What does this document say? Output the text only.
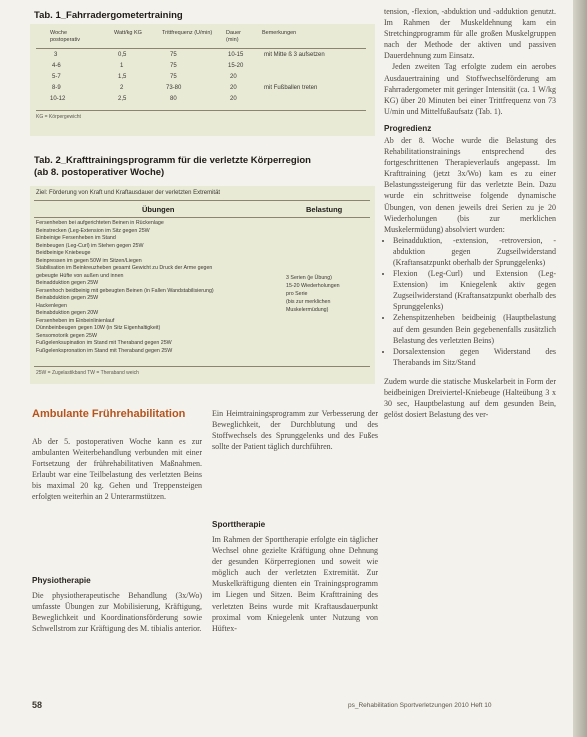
Tab. 1_Fahrradergometertraining
Woche postoperativ
Watt/kg KG	Trittfrequenz (U/min)	Dauer (min)
Bemerkungen
3	0,5	75	10-15	mit Mitte ß 3 aufsetzen
4-6	1	75	15-20
5-7	1,5	75	20
8-9	2	73-80	20	mit Fußballen treten
10-12	2,5	80	20
KG = Körpergewicht
Tab. 2_Krafttrainingsprogramm für die verletzte Körperregion
(ab 8. postoperativer Woche)
Ziel: Förderung von Kraft und Kraftausdauer der verletzten Extremität
Übungen	Belastung
Fersenheben bei aufgerichteten Beinen in Rückenlage
Beinstrecken (Leg-Extension im Sitz gegen 25W
Einbeinige Fersenheben im Stand
Beinbeugen (Leg-Curl) im Stehen gegen 25W
Beidbeinige Kniebeuge
Beinpressen im gegen 50W im Sitzen/Liegen
Stabilisation im Beinkreuzheben gesamt Gewicht zu Druck der Arme gegen
gebeugte Hüfte von außen und innen
Beinadduktion gegen 25W
Fersenhoch beidbeinig mit gebeugten Beinen (in Fallen Wandstabilisierung)
Beinabduktion gegen 25W
Hackenlegen
Beinabduktion gegen 20W
Fersenheben im Einbeinlinienlauf
Dünnbeinbeugen gegen 10W (in Sitz Eigenhaltigkeit)
Sensomotorik gegen 25W
Fußgelenksupination im Stand mit Theraband gegen 25W
Fußgelenkspronation im Stand mit Theraband gegen 25W
3 Serien (je Übung)
15-20 Wiederholungen
pro Serie
(bis zur merklichen
Muskelermüdung)
25W = Zugelastikband TW = Theraband weich

tension, -flexion, -abduktion und -adduktion genutzt. Im Rahmen der Muskeldehnung kam ein Stretchingprogramm für alle großen Muskelgruppen nach der Methode der aktiven und passiven Dauerdehnung zum Einsatz.

Jeden zweiten Tag erfolgte zudem ein aerobes Ausdauertraining und Stoffwechselförderung am Fahrradergometer mit geringer Intensität (ca. 1 W/kg KG) über 20 Minuten bei einer Trittfrequenz von 73 U/min und Mittelfußaufsatz (Tab. 1).

Progredienz

Ab der 8. Woche wurde die Belastung des Rehabilitationstrainings entsprechend des fortgeschrittenen Therapieverlaufs angepasst. Im Krafttraining (jetzt 3x/Wo) kam es zu einer Belastungssteigerung für das verletzte Bein. Dazu wurde ein schrittweise folgende dynamische Übungen, von denen jeweils drei Serien zu je 20 Wiederholungen (bis zur merklichen Muskelermüdung) absolviert wurden:

• Beinadduktion, -extension, -retroversion, -abduktion gegen Zugseilwiderstand (Kraftansatzpunkt oberhalb der Sprunggelenks)
• Flexion (Leg-Curl) und Extension (Leg-Extension) im Kniegelenk aktiv gegen Zugseilwiderstand (Kraftansatzpunkt oberhalb des Sprunggelenks)
• Zehenspitzenheben beidbeinig (Hauptbelastung auf dem gesunden Bein gegebenenfalls zusätzlich Belastung des verletzten Beins)
• Dorsalextension gegen Widerstand des Therabands im Sitz/Stand

Zudem wurde die statische Muskelarbeit in Form der beidbeinigen Dreiviertel-Kniebeuge (Halteübung 3 x 30 sec, Hauptbelastung auf dem gesunden Bein, gelöst dosiert Belastung des ver-

Ambulante Frührehabilitation
Ab der 5. postoperativen Woche kann es zur ambulanten Weiterbehandlung verbunden mit einer Fortsetzung der frührehabilitativen Maßnahmen. Erlaubt war eine Teilbelastung des verletzten Beins bis maximal 20 kg. Gehen und Treppensteigen erfolgten weiterhin an 2 Unterarmstützen.
Physiotherapie
Die physiotherapeutische Behandlung (3x/Wo) umfasste Übungen zur Mobilisierung, Kräftigung, Beweglichkeit und Koordinationsförderung sowie Schwellstrom zur Kräftigung des M. tibialis anterior.
Ein Heimtrainingsprogramm zur Verbesserung der Beweglichkeit, der Durchblutung und des Stoffwechsels des Sprunggelenks und des Fußes sollte der Patient täglich durchführen.
Sporttherapie
Im Rahmen der Sporttherapie erfolgte ein täglicher Wechsel ohne gezielte Kräftigung ohne Dehnung der gesunden Körperregionen und soweit wie möglich auch der verletzten Extremität. Zur Muskelkräftigung dienten ein Trainingsprogramm im Liegen und Sitzen. Beim Krafttraining des verletzten Beins wurde mit Kraftausdauerpunkt proximal vom Kniegelenk unter Nutzung von Hüftex-
58	ps_Rehabilitation Sportverletzungen 2010 Heft 10
